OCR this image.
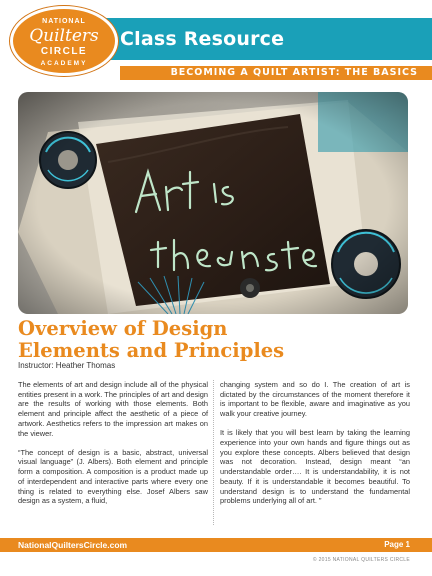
Class Resource
BECOMING A QUILT ARTIST: THE BASICS
NATIONAL
Quilters
CIRCLE
ACADEMY
Overview of Design
Elements and Principles
Instructor: Heather Thomas

The elements of art and design include all of the physical entities present in a work. The principles of art and design are the results of working with those elements. Both element and principle affect the aesthetic of a piece of artwork. Aesthetics refers to the impression art makes on the viewer.

“The concept of design is a basic, abstract, universal visual language” (J. Albers). Both element and principle form a composition. A composition is a product made up of interdependent and interactive parts where every one thing is related to everything else. Josef Albers saw design as a system, a fluid,

changing system and so do I. The creation of art is dictated by the circumstances of the moment therefore it is important to be flexible, aware and imaginative as you walk your creative journey.

It is likely that you will best learn by taking the learning experience into your own hands and figure things out as you explore these concepts. Albers believed that design was not decoration. Instead, design meant “an understandable order…. It is understandability, it is not beauty. If it is understandable it becomes beautiful. To understand design is to understand the fundamental problems underlying all of art. ”

NationalQuiltersCircle.com	Page 1
© 2015 NATIONAL QUILTERS CIRCLE
